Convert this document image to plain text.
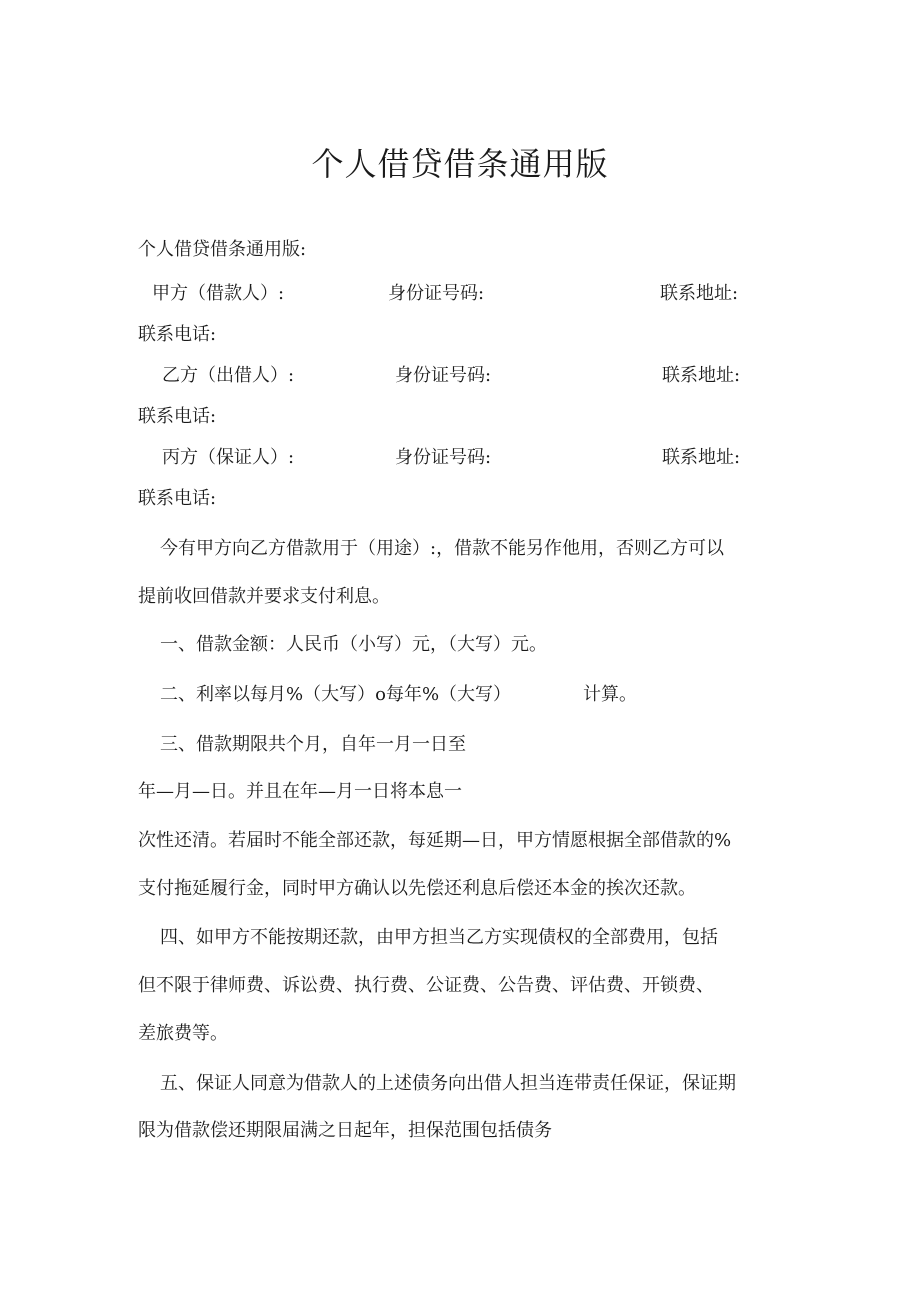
个人借贷借条通用版
个人借贷借条通用版:
甲方（借款人）:	身份证号码:	联系地址:
联系电话:
乙方（出借人）:	身份证号码:	联系地址:
联系电话:
丙方（保证人）:	身份证号码:	联系地址:
联系电话:
今有甲方向乙方借款用于（用途）:，借款不能另作他用，否则乙方可以
提前收回借款并要求支付利息。
一、借款金额：人民币（小写）元，（大写）元。
二、利率以每月%（大写）o每年%（大写）	计算。
三、借款期限共个月，自年一月一日至
年—月—日。并且在年—月一日将本息一
次性还清。若届时不能全部还款，每延期—日，甲方情愿根据全部借款的%
支付拖延履行金，同时甲方确认以先偿还利息后偿还本金的挨次还款。
四、如甲方不能按期还款，由甲方担当乙方实现债权的全部费用，包括
但不限于律师费、诉讼费、执行费、公证费、公告费、评估费、开锁费、
差旅费等。
五、保证人同意为借款人的上述债务向出借人担当连带责任保证，保证期
限为借款偿还期限届满之日起年，担保范围包括债务
